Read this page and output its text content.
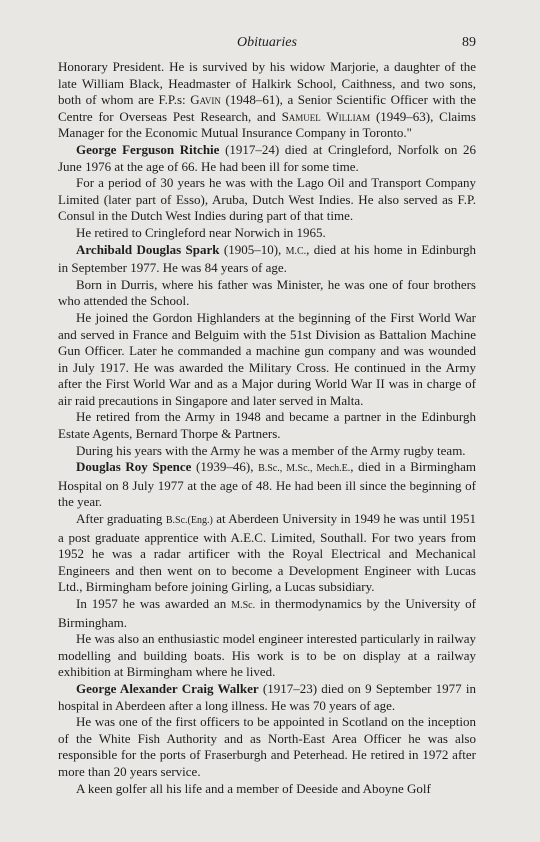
Obituaries	89

Honorary President. He is survived by his widow Marjorie, a daughter of the late William Black, Headmaster of Halkirk School, Caithness, and two sons, both of whom are F.P.s: Gavin (1948–61), a Senior Scientific Officer with the Centre for Overseas Pest Research, and Samuel William (1949–63), Claims Manager for the Economic Mutual Insurance Company in Toronto."

George Ferguson Ritchie (1917–24) died at Cringleford, Norfolk on 26 June 1976 at the age of 66. He had been ill for some time.

For a period of 30 years he was with the Lago Oil and Transport Company Limited (later part of Esso), Aruba, Dutch West Indies. He also served as F.P. Consul in the Dutch West Indies during part of that time.

He retired to Cringleford near Norwich in 1965.

Archibald Douglas Spark (1905–10), M.C., died at his home in Edinburgh in September 1977. He was 84 years of age.

Born in Durris, where his father was Minister, he was one of four brothers who attended the School.

He joined the Gordon Highlanders at the beginning of the First World War and served in France and Belguim with the 51st Division as Battalion Machine Gun Officer. Later he commanded a machine gun company and was wounded in July 1917. He was awarded the Military Cross. He continued in the Army after the First World War and as a Major during World War II was in charge of air raid precautions in Singapore and later served in Malta.

He retired from the Army in 1948 and became a partner in the Edinburgh Estate Agents, Bernard Thorpe & Partners.

During his years with the Army he was a member of the Army rugby team.

Douglas Roy Spence (1939–46), B.Sc., M.Sc., Mech.E., died in a Birmingham Hospital on 8 July 1977 at the age of 48. He had been ill since the beginning of the year.

After graduating B.Sc.(Eng.) at Aberdeen University in 1949 he was until 1951 a post graduate apprentice with A.E.C. Limited, Southall. For two years from 1952 he was a radar artificer with the Royal Electrical and Mechanical Engineers and then went on to become a Development Engineer with Lucas Ltd., Birmingham before joining Girling, a Lucas subsidiary.

In 1957 he was awarded an M.Sc. in thermodynamics by the University of Birmingham.

He was also an enthusiastic model engineer interested particularly in railway modelling and building boats. His work is to be on display at a railway exhibition at Birmingham where he lived.

George Alexander Craig Walker (1917–23) died on 9 September 1977 in hospital in Aberdeen after a long illness. He was 70 years of age.

He was one of the first officers to be appointed in Scotland on the inception of the White Fish Authority and as North-East Area Officer he was also responsible for the ports of Fraserburgh and Peterhead. He retired in 1972 after more than 20 years service.

A keen golfer all his life and a member of Deeside and Aboyne Golf
